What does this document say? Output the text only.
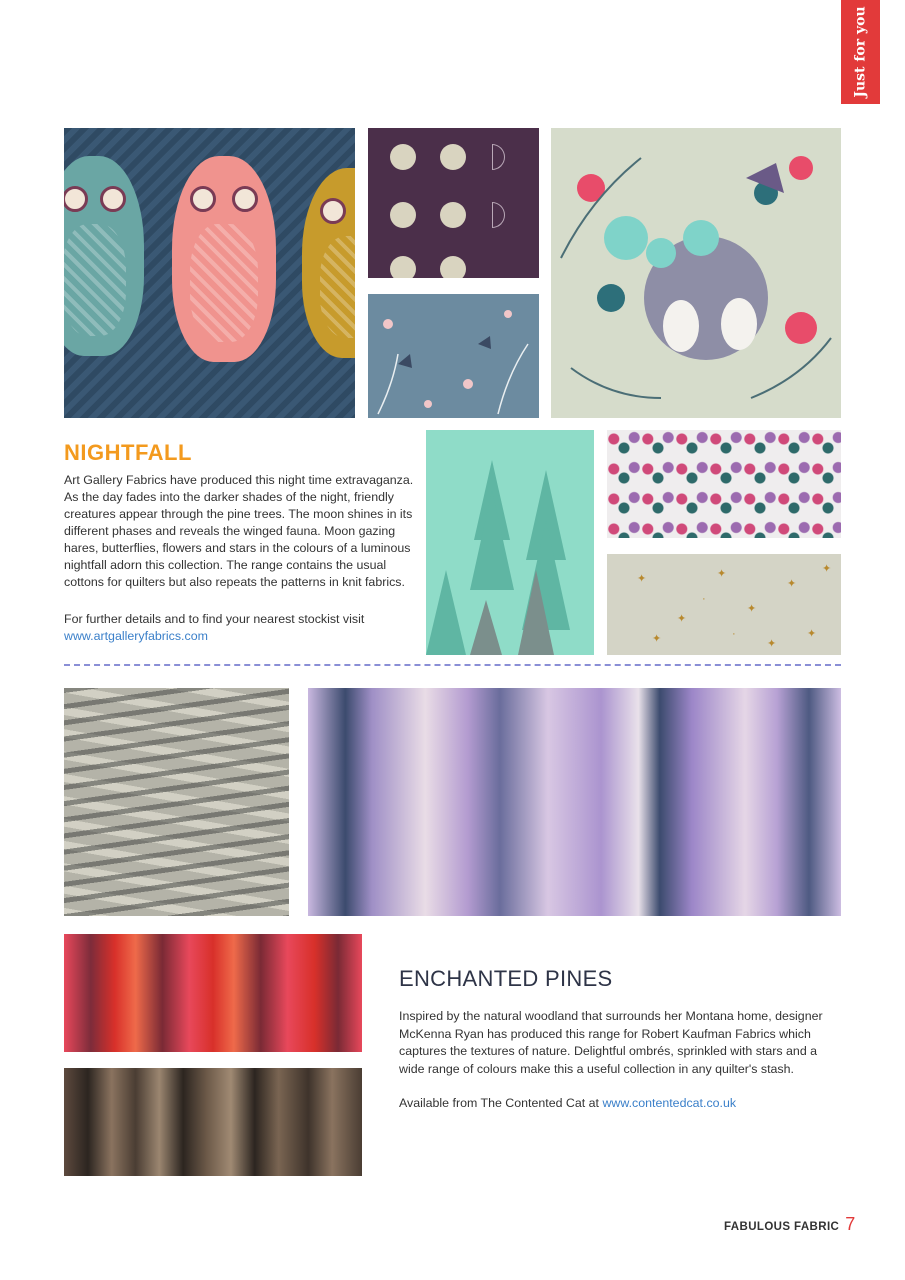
Just for you
NIGHTFALL

Art Gallery Fabrics have produced this night time extravaganza. As the day fades into the darker shades of the night, friendly creatures appear through the pine trees. The moon shines in its different phases and reveals the winged fauna. Moon gazing hares, butterflies, flowers and stars in the colours of a luminous nightfall adorn this collection. The range contains the usual cottons for quilters but also repeats the patterns in knit fabrics.

For further details and to find your nearest stockist visit
www.artgalleryfabrics.com

✦
✦
✦
✦
✦
✦
✦	✦
✦
·
·
ENCHANTED PINES

Inspired by the natural woodland that surrounds her Montana home, designer McKenna Ryan has produced this range for Robert Kaufman Fabrics which captures the textures of nature. Delightful ombrés, sprinkled with stars and a wide range of colours make this a useful collection in any quilter's stash.

Available from The Contented Cat at www.contentedcat.co.uk

FABULOUS FABRIC 7
